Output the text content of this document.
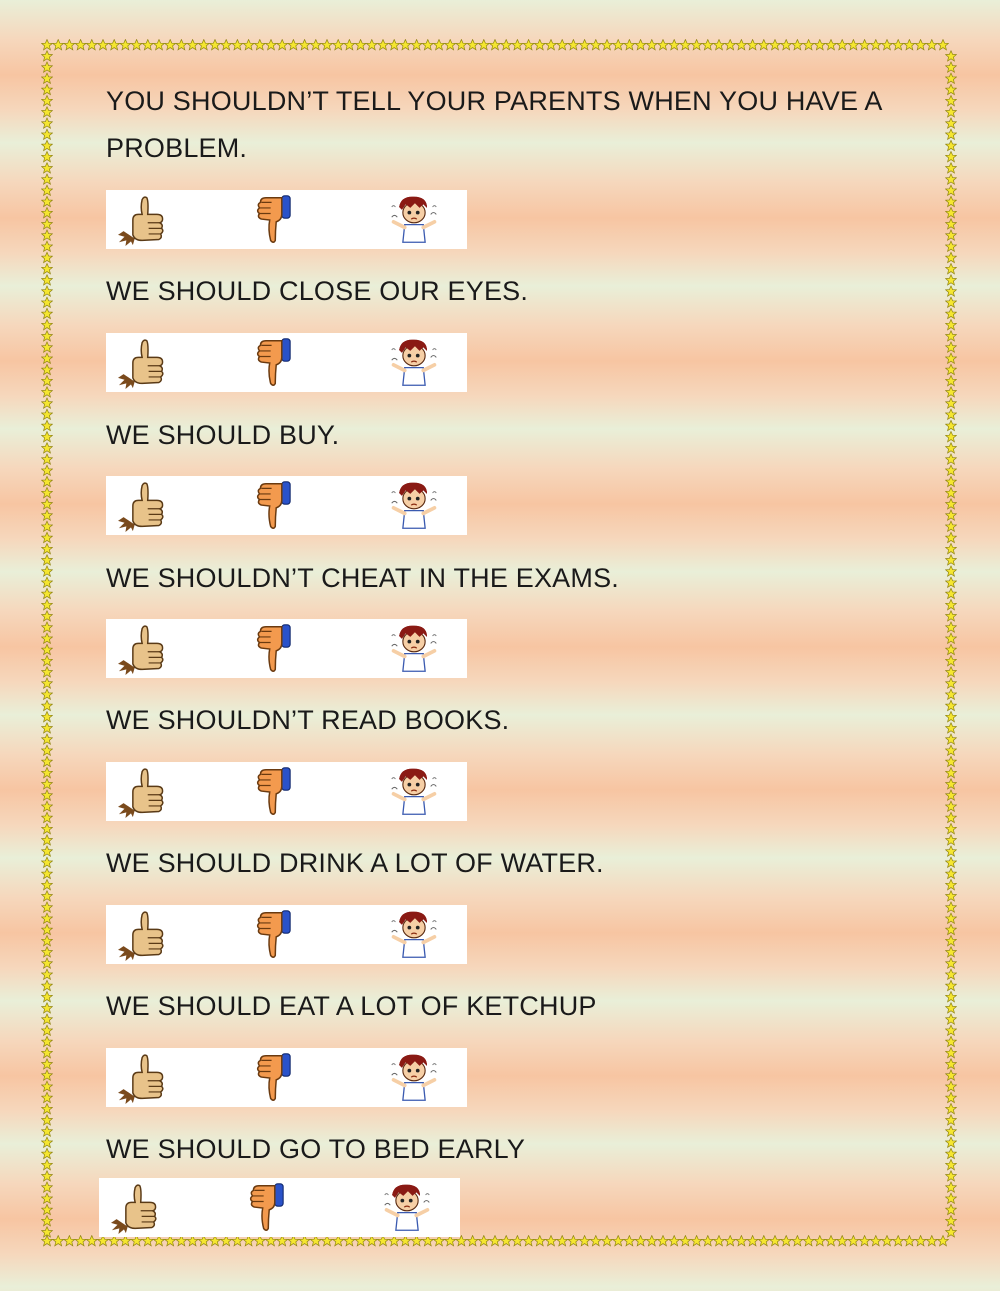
YOU SHOULDN’T TELL YOUR PARENTS WHEN YOU HAVE A PROBLEM.
WE SHOULD CLOSE OUR EYES.
WE SHOULD BUY.
WE SHOULDN’T CHEAT IN THE EXAMS.
WE SHOULDN’T READ BOOKS.
WE SHOULD DRINK A LOT OF WATER.
WE SHOULD EAT A LOT OF KETCHUP
WE SHOULD GO TO BED EARLY
